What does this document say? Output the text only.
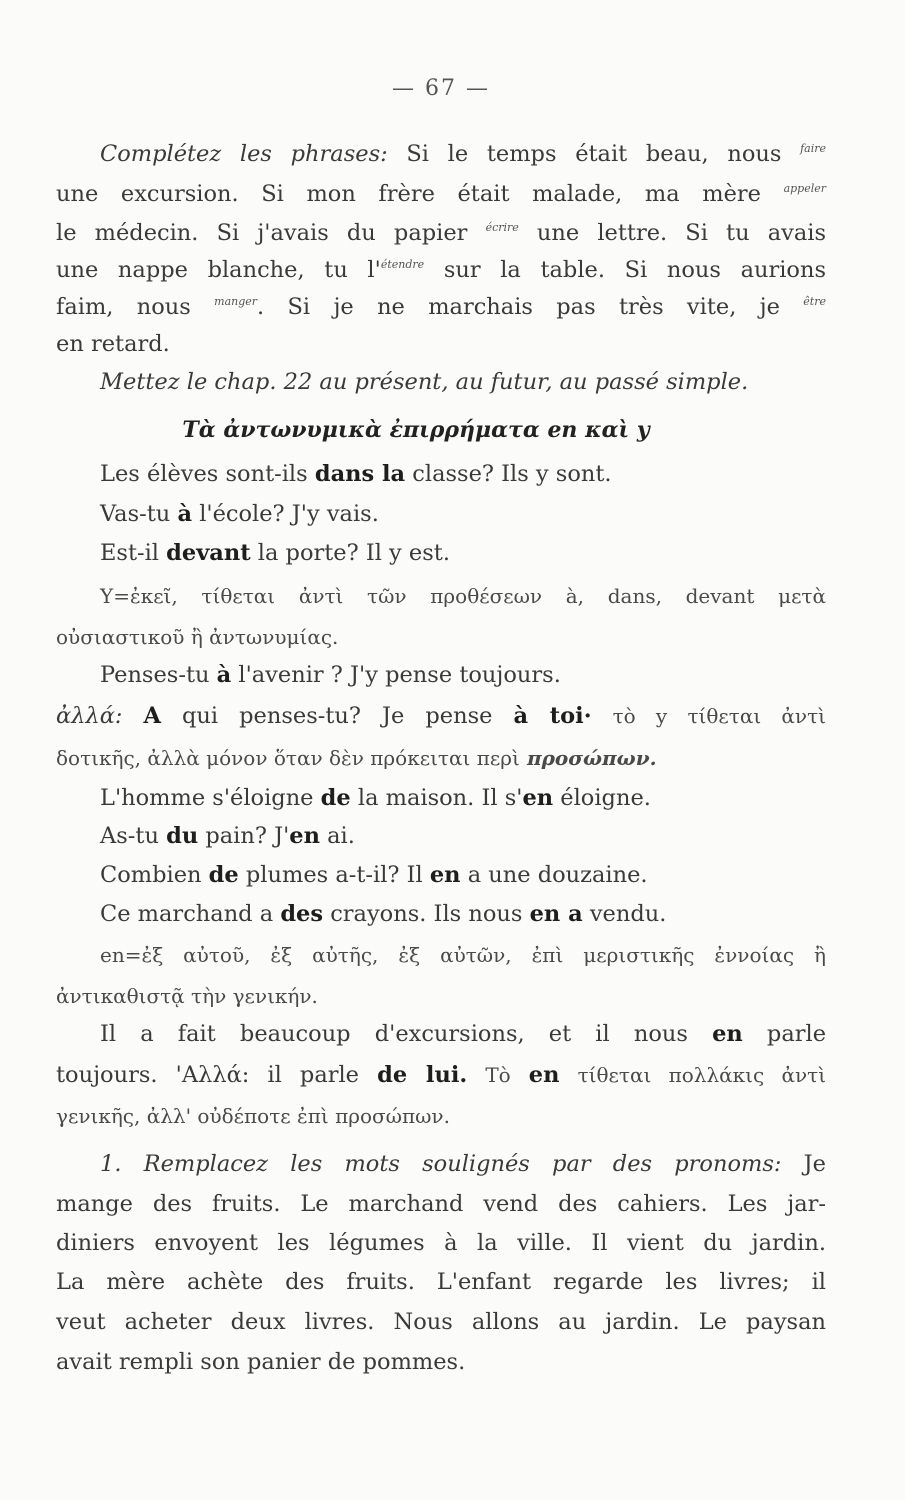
— 67 —
Complétez les phrases: Si le temps était beau, nous $^{faire}$
une excursion. Si mon frère était malade, ma mère $^{appeler}$
le médecin. Si j'avais du papier $^{écrire}$ une lettre. Si tu avais
une nappe blanche, tu $l'^{étendre}$ sur la table. Si nous aurions
faim, nous $^{manger}$. Si je ne marchais pas très vite, je $^{être}$
en retard.
Mettez le chap. 22 au présent, au futur, au passé simple.
Τὰ ἀντωνυμικὰ ἐπιρρήματα en καὶ y
Les élèves sont-ils dans la classe? Ils y sont.
Vas-tu à l'école? J'y vais.
Est-il devant la porte? Il y est.
Y=ἐκεῖ, τίθεται ἀντὶ τῶν προθέσεων à, dans, devant μετὰ
οὐσιαστικοῦ ἢ ἀντωνυμίας.
Penses-tu à l'avenir ? J'y pense toujours.
ἀλλά: A qui penses-tu? Je pense à toi· τὸ y τίθεται ἀντὶ
δοτικῆς, ἀλλὰ μόνον ὅταν δὲν πρόκειται περὶ προσώπων.
L'homme s'éloigne de la maison. Il s'en éloigne.
As-tu du pain? J'en ai.
Combien de plumes a-t-il? Il en a une douzaine.
Ce marchand a des crayons. Ils nous en a vendu.
en=ἐξ αὐτοῦ, ἐξ αὐτῆς, ἐξ αὐτῶν, ἐπὶ μεριστικῆς ἐννοίας ἢ
ἀντικαθιστᾷ τὴν γενικήν.
Il a fait beaucoup d'excursions, et il nous en parle
toujours. 'Αλλά: il parle de lui. Τὸ en τίθεται πολλάκις ἀντὶ
γενικῆς, ἀλλ' οὐδέποτε ἐπὶ προσώπων.
1. Remplacez les mots soulignés par des pronoms: Je
mange des fruits. Le marchand vend des cahiers. Les jar-
diniers envoyent les légumes à la ville. Il vient du jardin.
La mère achète des fruits. L'enfant regarde les livres; il
veut acheter deux livres. Nous allons au jardin. Le paysan
avait rempli son panier de pommes.
